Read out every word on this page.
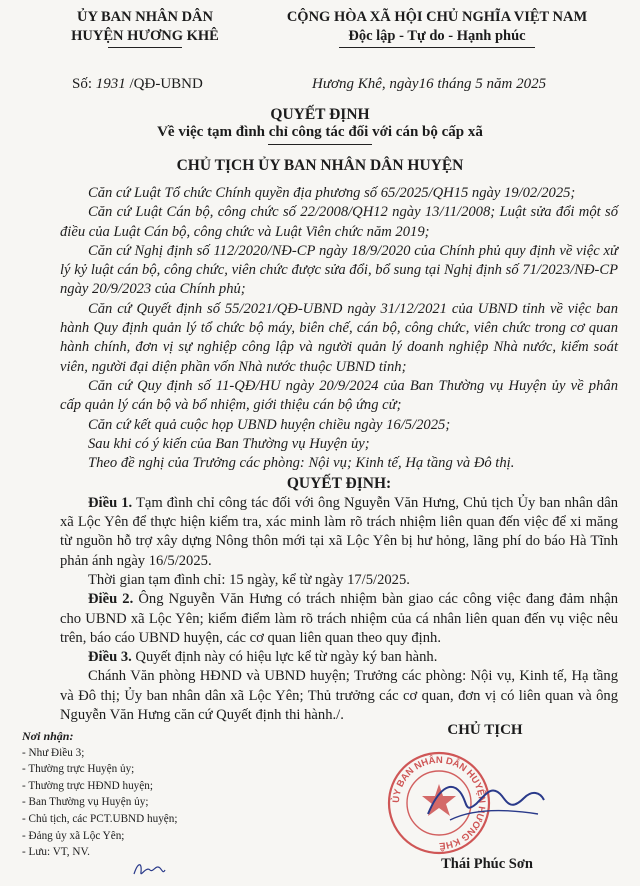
ỦY BAN NHÂN DÂN
HUYỆN HƯƠNG KHÊ
CỘNG HÒA XÃ HỘI CHỦ NGHĨA VIỆT NAM
Độc lập - Tự do - Hạnh phúc
Số: 1931 /QĐ-UBND	Hương Khê, ngày16 tháng 5 năm 2025
QUYẾT ĐỊNH
Về việc tạm đình chỉ công tác đối với cán bộ cấp xã
CHỦ TỊCH ỦY BAN NHÂN DÂN HUYỆN

Căn cứ Luật Tổ chức Chính quyền địa phương số 65/2025/QH15 ngày 19/02/2025;

Căn cứ Luật Cán bộ, công chức số 22/2008/QH12 ngày 13/11/2008; Luật sửa đổi một số điều của Luật Cán bộ, công chức và Luật Viên chức năm 2019;

Căn cứ Nghị định số 112/2020/NĐ-CP ngày 18/9/2020 của Chính phủ quy định về việc xử lý kỷ luật cán bộ, công chức, viên chức được sửa đổi, bổ sung tại Nghị định số 71/2023/NĐ-CP ngày 20/9/2023 của Chính phủ;

Căn cứ Quyết định số 55/2021/QĐ-UBND ngày 31/12/2021 của UBND tỉnh về việc ban hành Quy định quản lý tổ chức bộ máy, biên chế, cán bộ, công chức, viên chức trong cơ quan hành chính, đơn vị sự nghiệp công lập và người quản lý doanh nghiệp Nhà nước, kiểm soát viên, người đại diện phần vốn Nhà nước thuộc UBND tỉnh;

Căn cứ Quy định số 11-QĐ/HU ngày 20/9/2024 của Ban Thường vụ Huyện ủy về phân cấp quản lý cán bộ và bổ nhiệm, giới thiệu cán bộ ứng cử;

Căn cứ kết quả cuộc họp UBND huyện chiều ngày 16/5/2025;

Sau khi có ý kiến của Ban Thường vụ Huyện ủy;

Theo đề nghị của Trưởng các phòng: Nội vụ; Kinh tế, Hạ tầng và Đô thị.

QUYẾT ĐỊNH:

Điều 1. Tạm đình chỉ công tác đối với ông Nguyễn Văn Hưng, Chủ tịch Ủy ban nhân dân xã Lộc Yên để thực hiện kiểm tra, xác minh làm rõ trách nhiệm liên quan đến việc để xi măng từ nguồn hỗ trợ xây dựng Nông thôn mới tại xã Lộc Yên bị hư hỏng, lãng phí do báo Hà Tĩnh phản ánh ngày 16/5/2025.

Thời gian tạm đình chỉ: 15 ngày, kể từ ngày 17/5/2025.

Điều 2. Ông Nguyễn Văn Hưng có trách nhiệm bàn giao các công việc đang đảm nhận cho UBND xã Lộc Yên; kiểm điểm làm rõ trách nhiệm của cá nhân liên quan đến vụ việc nêu trên, báo cáo UBND huyện, các cơ quan liên quan theo quy định.

Điều 3. Quyết định này có hiệu lực kể từ ngày ký ban hành.

Chánh Văn phòng HĐND và UBND huyện; Trưởng các phòng: Nội vụ, Kinh tế, Hạ tầng và Đô thị; Ủy ban nhân dân xã Lộc Yên; Thủ trưởng các cơ quan, đơn vị có liên quan và ông Nguyễn Văn Hưng căn cứ Quyết định thi hành./.

Nơi nhận:
- Như Điều 3;
- Thường trực Huyện ủy;
- Thường trực HĐND huyện;
- Ban Thường vụ Huyện ủy;
- Chủ tịch, các PCT.UBND huyện;
- Đảng ủy xã Lộc Yên;
- Lưu: VT, NV.
CHỦ TỊCH
ỦY BAN NHÂN DÂN HUYỆN HƯƠNG KHÊ
Thái Phúc Sơn
